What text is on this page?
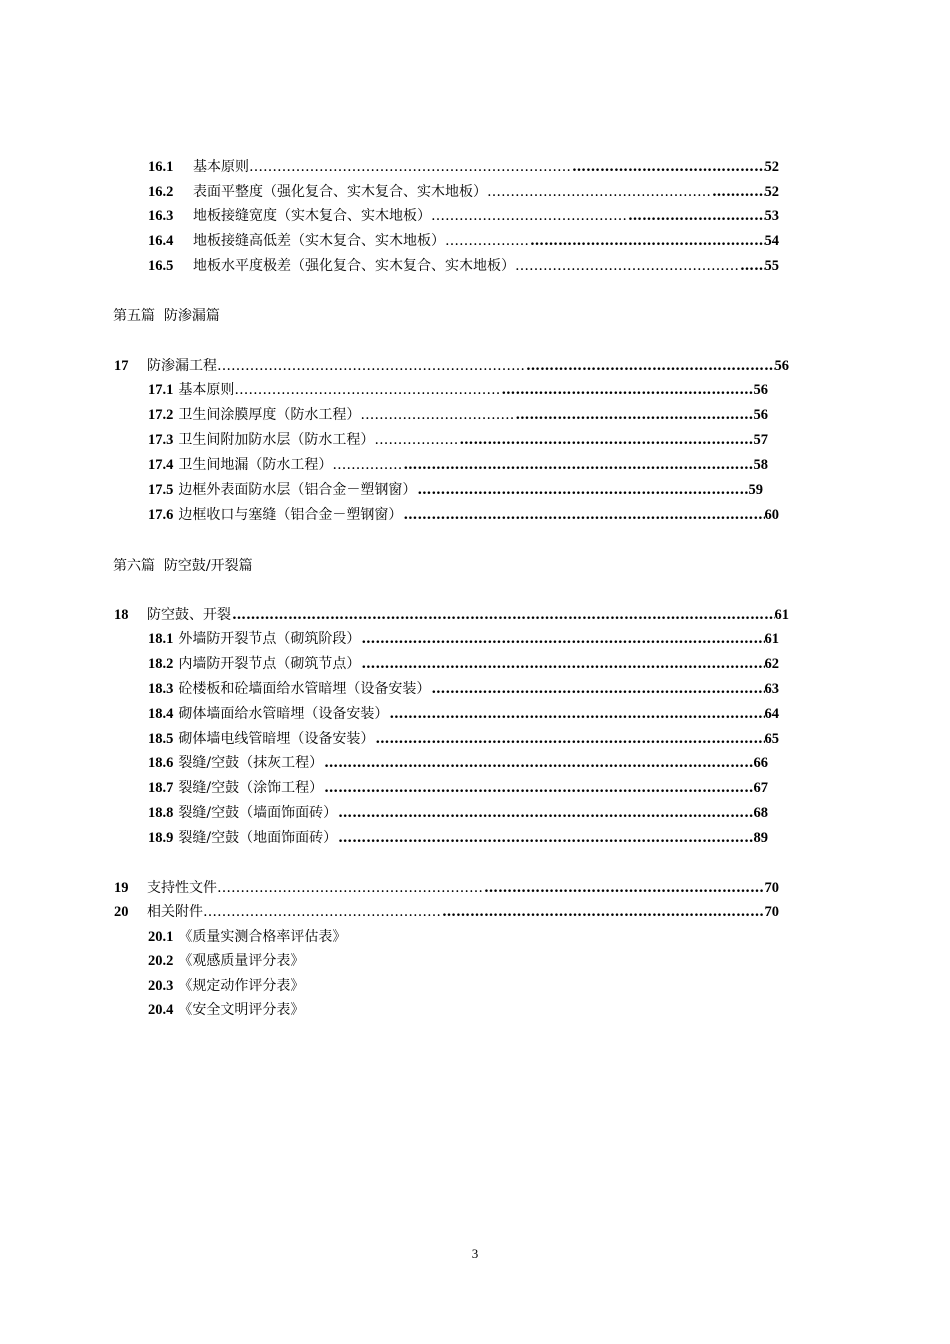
16.1	基本原则 …………………………………………………………… ………………………………………………………………………………………………………………………………………………………………	52
16.2	表面平整度（强化复合、实木复合、实木地板） ………………………………………… ………………………………………………………………………………………………………………………………………………………………	52
16.3	地板接缝宽度（实木复合、实木地板） …………………………………… ………………………………………………………………………………………………………………………………………………………………	53
16.4	地板接缝高低差（实木复合、实木地板） ……………… ………………………………………………………………………………………………………………………………………………………………	54
16.5	地板水平度极差（强化复合、实木复合、实木地板） ………………………………………… ……………………………………………………………………………………………………………………………………………………………… 55
第五篇 防渗漏篇
17	防渗漏工程 ………………………………………………………… ………………………………………………………………………………………………………………………………………………………………	56
17.1 基本原则 ………………………………………………… ………………………………………………………………………………………………………………………………………………………………	56
17.2 卫生间涂膜厚度（防水工程） …………………………… ………………………………………………………………………………………………………………………………………………………………	56
17.3 卫生间附加防水层（防水工程） ……………… ………………………………………………………………………………………………………………………………………………………………	57
17.4 卫生间地漏（防水工程） …………… ………………………………………………………………………………………………………………………………………………………………	58
17.5 边框外表面防水层（铝合金－塑钢窗） ………………………………………………………………………………………………………………………………………………………………	59
17.6 边框收口与塞缝（铝合金－塑钢窗） ………………………………………………………………………………………………………………………………………………………………	60
第六篇 防空鼓/开裂篇
18	防空鼓、开裂 ………………………………………………………………………………………………………………………………………………………………	61
18.1 外墙防开裂节点（砌筑阶段） ………………………………………………………………………………………………………………………………………………………………	61
18.2 内墙防开裂节点（砌筑节点） ………………………………………………………………………………………………………………………………………………………………	62
18.3 砼楼板和砼墙面给水管暗埋（设备安装） ………………………………………………………………………………………………………………………………………………………………	63
18.4 砌体墙面给水管暗埋（设备安装） ………………………………………………………………………………………………………………………………………………………………	64
18.5 砌体墙电线管暗埋（设备安装） ………………………………………………………………………………………………………………………………………………………………	65
18.6 裂缝/空鼓（抹灰工程） ………………………………………………………………………………………………………………………………………………………………	66
18.7 裂缝/空鼓（涂饰工程） ………………………………………………………………………………………………………………………………………………………………	67
18.8 裂缝/空鼓（墙面饰面砖） ………………………………………………………………………………………………………………………………………………………………	68
18.9 裂缝/空鼓（地面饰面砖） ………………………………………………………………………………………………………………………………………………………………	89
19	支持性文件 ………………………………………………… ………………………………………………………………………………………………………………………………………………………………	70
20	相关附件 …………………………………………… ………………………………………………………………………………………………………………………………………………………………	70
20.1 《质量实测合格率评估表》
20.2 《观感质量评分表》
20.3 《规定动作评分表》
20.4 《安全文明评分表》
3
